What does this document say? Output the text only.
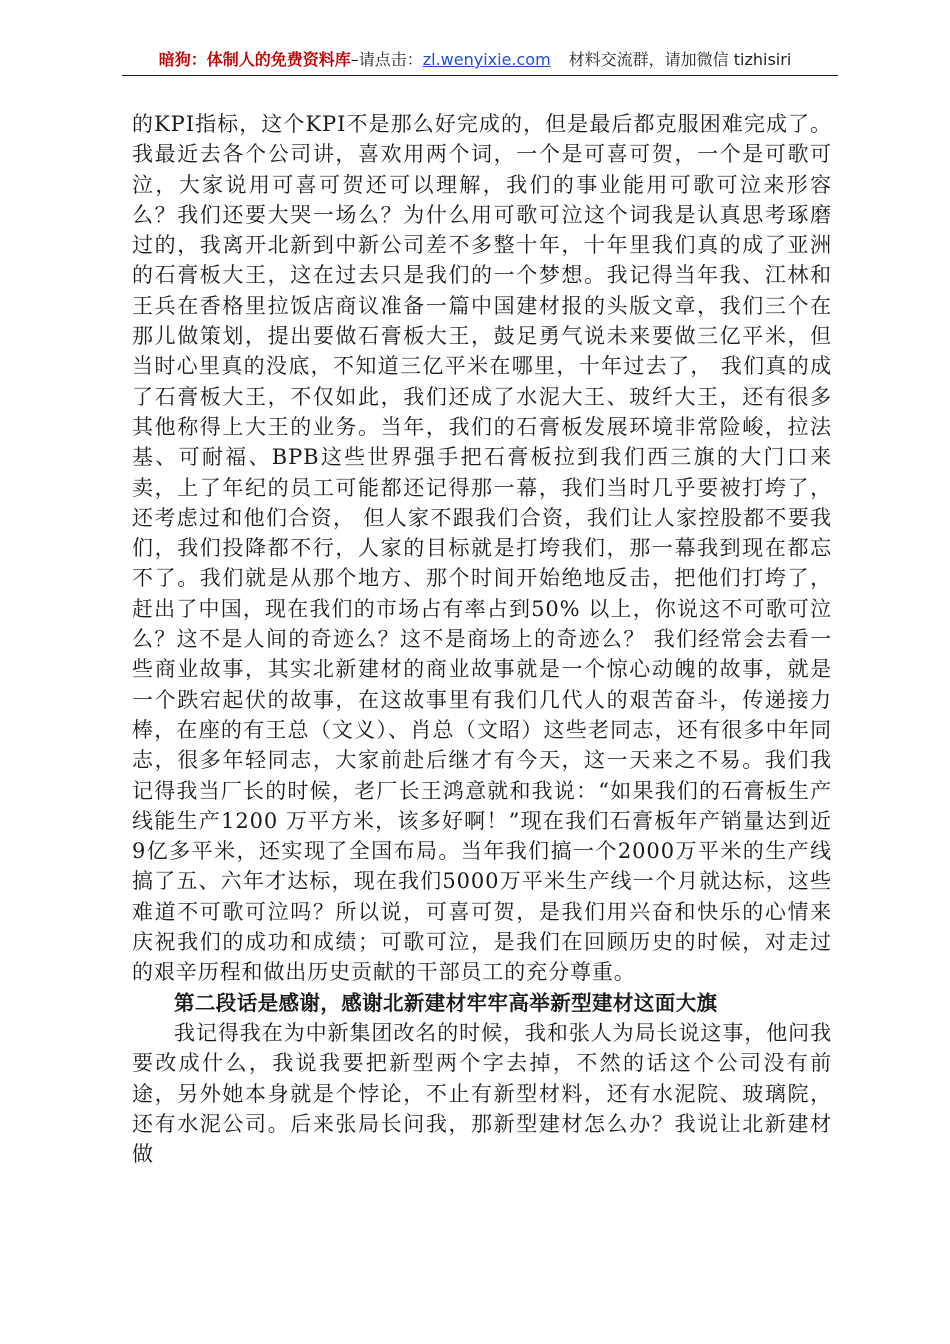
暗狗：体制人的免费资料库–请点击：zl.wenyixie.com 材料交流群，请加微信 tizhisiri

的KPI指标，这个KPI不是那么好完成的，但是最后都克服困难完成了。我最近去各个公司讲，喜欢用两个词，一个是可喜可贺，一个是可歌可泣，大家说用可喜可贺还可以理解，我们的事业能用可歌可泣来形容么？我们还要大哭一场么？为什么用可歌可泣这个词我是认真思考琢磨过的，我离开北新到中新公司差不多整十年，十年里我们真的成了亚洲的石膏板大王，这在过去只是我们的一个梦想。我记得当年我、江林和王兵在香格里拉饭店商议准备一篇中国建材报的头版文章，我们三个在那儿做策划，提出要做石膏板大王，鼓足勇气说未来要做三亿平米，但当时心里真的没底，不知道三亿平米在哪里，十年过去了， 我们真的成了石膏板大王，不仅如此，我们还成了水泥大王、玻纤大王，还有很多其他称得上大王的业务。当年，我们的石膏板发展环境非常险峻，拉法基、可耐福、BPB这些世界强手把石膏板拉到我们西三旗的大门口来卖，上了年纪的员工可能都还记得那一幕，我们当时几乎要被打垮了，还考虑过和他们合资， 但人家不跟我们合资，我们让人家控股都不要我们，我们投降都不行，人家的目标就是打垮我们，那一幕我到现在都忘不了。我们就是从那个地方、那个时间开始绝地反击，把他们打垮了，赶出了中国，现在我们的市场占有率占到50% 以上，你说这不可歌可泣么？这不是人间的奇迹么？这不是商场上的奇迹么？ 我们经常会去看一些商业故事，其实北新建材的商业故事就是一个惊心动魄的故事，就是一个跌宕起伏的故事，在这故事里有我们几代人的艰苦奋斗，传递接力棒，在座的有王总（文义）、肖总（文昭）这些老同志，还有很多中年同志，很多年轻同志，大家前赴后继才有今天，这一天来之不易。我们我记得我当厂长的时候，老厂长王鸿意就和我说：“如果我们的石膏板生产线能生产1200 万平方米，该多好啊！”现在我们石膏板年产销量达到近9亿多平米，还实现了全国布局。当年我们搞一个2000万平米的生产线搞了五、六年才达标，现在我们5000万平米生产线一个月就达标，这些难道不可歌可泣吗？所以说，可喜可贺，是我们用兴奋和快乐的心情来庆祝我们的成功和成绩；可歌可泣，是我们在回顾历史的时候，对走过的艰辛历程和做出历史贡献的干部员工的充分尊重。

第二段话是感谢，感谢北新建材牢牢高举新型建材这面大旗

我记得我在为中新集团改名的时候，我和张人为局长说这事，他问我要改成什么，我说我要把新型两个字去掉，不然的话这个公司没有前途，另外她本身就是个悖论，不止有新型材料，还有水泥院、玻璃院，还有水泥公司。后来张局长问我，那新型建材怎么办？我说让北新建材做
